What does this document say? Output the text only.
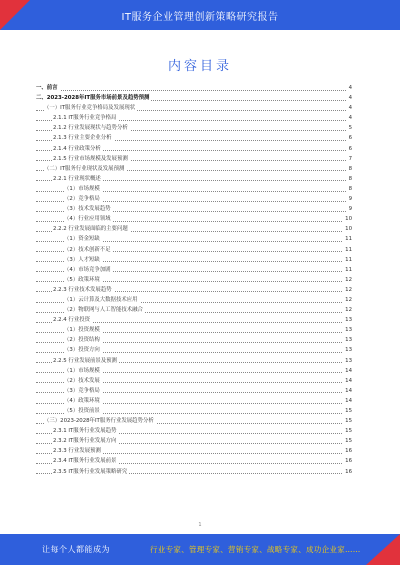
IT服务企业管理创新策略研究报告
内容目录
一、前言	4
二、2023-2028年IT服务市场前景及趋势预测	4
（一）IT服务行业竞争格局及发展现状	4
2.1.1 IT服务行业竞争格局	4
2.1.2 行业发展现状与趋势分析	5
2.1.3 行业主要企业分析	6
2.1.4 行业政策分析	6
2.1.5 行业市场规模及发展预测	7
（二）IT服务行业现状及发展预测	8
2.2.1 行业现状概述	8
（1）市场规模	8
（2）竞争格局	9
（3）技术发展趋势	9
（4）行业应用领域	10
2.2.2 行业发展面临的主要问题	10
（1）资金短缺	11
（2）技术创新不足	11
（3）人才短缺	11
（4）市场竞争加剧	11
（5）政策环境	12
2.2.3 行业技术发展趋势	12
（1）云计算及大数据技术应用	12
（2）物联网与人工智能技术融合	12
2.2.4 行业投资	13
（1）投资规模	13
（2）投资结构	13
（3）投资方向	13
2.2.5 行业发展前景及预测	13
（1）市场规模	14
（2）技术发展	14
（3）竞争格局	14
（4）政策环境	14
（5）投资前景	15
（三）2023-2028年IT服务行业发展趋势分析	15
2.3.1 IT服务行业发展趋势	15
2.3.2 IT服务行业发展方向	15
2.3.3 行业发展预测	16
2.3.4 IT服务行业发展前景	16
2.3.5 IT服务行业发展策略研究	16
1
让每个人都能成为	行业专家、管理专家、营销专家、战略专家、成功企业家……
